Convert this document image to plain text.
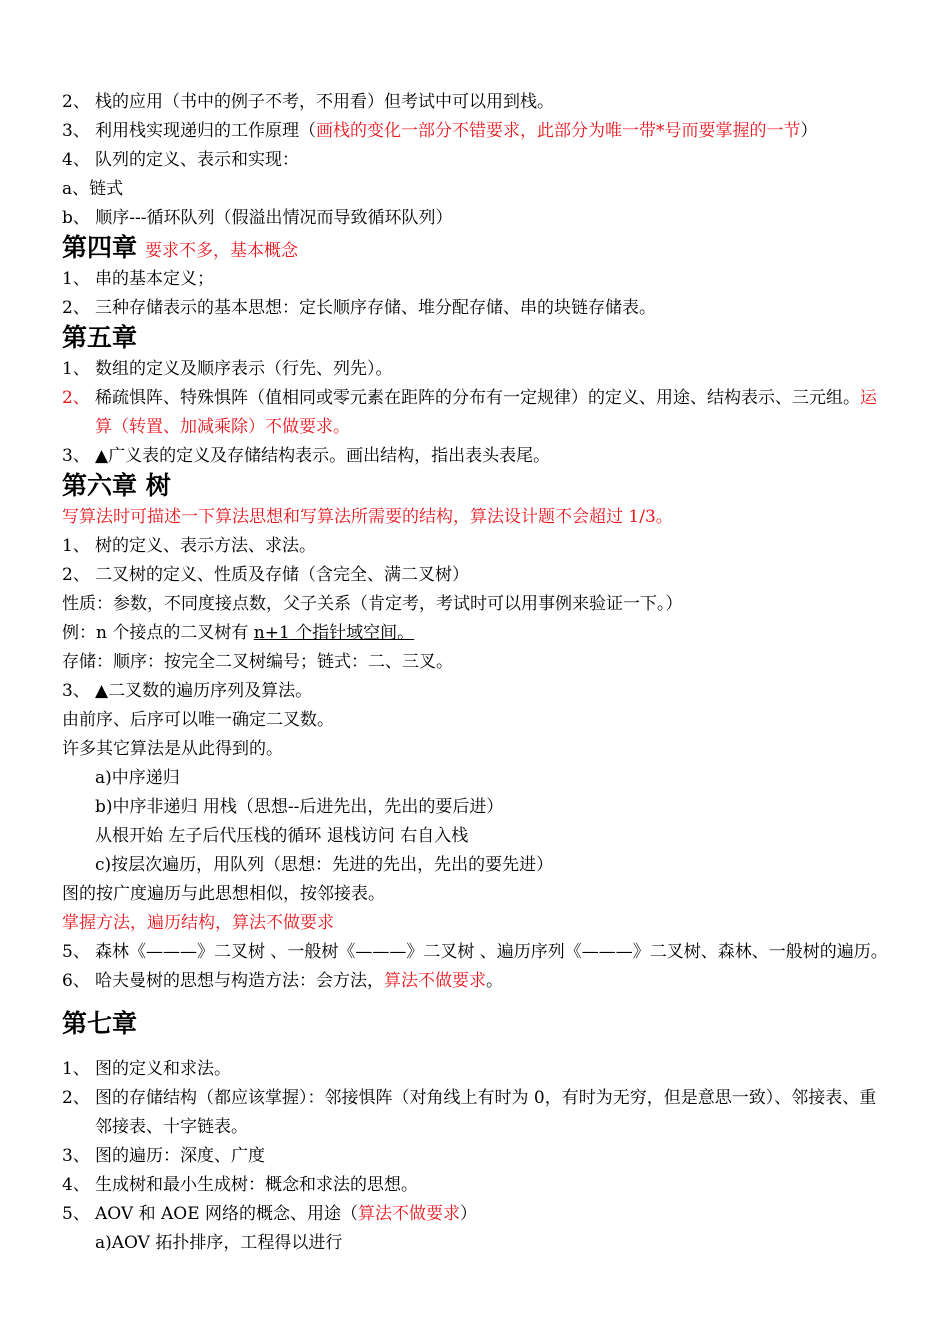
2、 栈的应用（书中的例子不考，不用看）但考试中可以用到栈。
3、 利用栈实现递归的工作原理（画栈的变化一部分不错要求，此部分为唯一带*号而要掌握的一节）
4、 队列的定义、表示和实现：
a、链式
b、 顺序---循环队列（假溢出情况而导致循环队列）
第四章 要求不多，基本概念
1、 串的基本定义；
2、 三种存储表示的基本思想：定长顺序存储、堆分配存储、串的块链存储表。
第五章
1、 数组的定义及顺序表示（行先、列先）。
2、 稀疏惧阵、特殊惧阵（值相同或零元素在距阵的分布有一定规律）的定义、用途、结构表示、三元组。运算（转置、加减乘除）不做要求。
3、 ▲广义表的定义及存储结构表示。画出结构，指出表头表尾。
第六章 树
写算法时可描述一下算法思想和写算法所需要的结构，算法设计题不会超过 1/3。
1、 树的定义、表示方法、求法。
2、 二叉树的定义、性质及存储（含完全、满二叉树）
性质：参数，不同度接点数，父子关系（肯定考，考试时可以用事例来验证一下。）
例：n 个接点的二叉树有 n+1 个指针域空间。
存储：顺序：按完全二叉树编号；链式：二、三叉。
3、 ▲二叉数的遍历序列及算法。
由前序、后序可以唯一确定二叉数。
许多其它算法是从此得到的。
a)中序递归
b)中序非递归 用栈（思想--后进先出，先出的要后进）
从根开始 左子后代压栈的循环 退栈访问 右自入栈
c)按层次遍历，用队列（思想：先进的先出，先出的要先进）
图的按广度遍历与此思想相似，按邻接表。
掌握方法，遍历结构，算法不做要求
5、 森林《———》二叉树 、一般树《———》二叉树 、遍历序列《———》二叉树、森林、一般树的遍历。
6、 哈夫曼树的思想与构造方法：会方法，算法不做要求。
第七章
1、 图的定义和求法。
2、 图的存储结构（都应该掌握）：邻接惧阵（对角线上有时为 0，有时为无穷，但是意思一致）、邻接表、重邻接表、十字链表。
3、 图的遍历：深度、广度
4、 生成树和最小生成树：概念和求法的思想。
5、 AOV 和 AOE 网络的概念、用途（算法不做要求）
a)AOV 拓扑排序，工程得以进行
